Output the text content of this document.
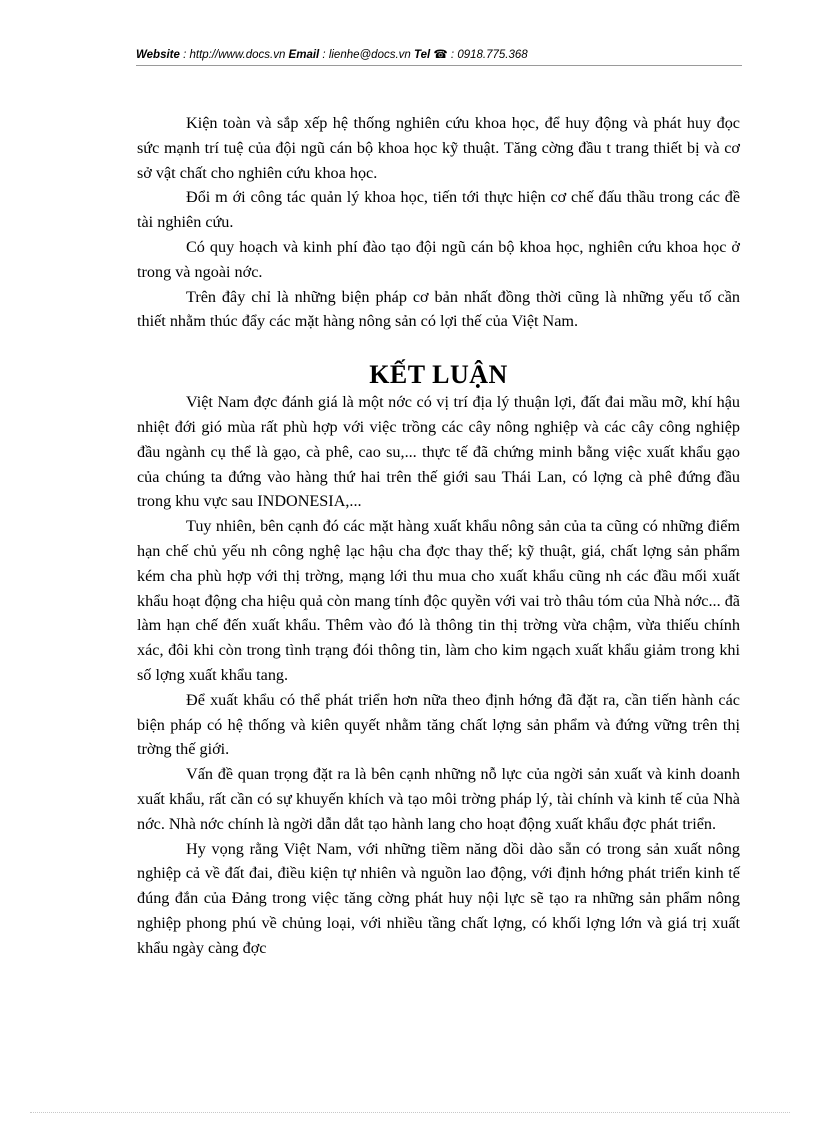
Website : http://www.docs.vn Email : lienhe@docs.vn Tel ☎ : 0918.775.368

Kiện toàn và sắp xếp hệ thống nghiên cứu khoa học, để huy động và phát huy đọc sức mạnh trí tuệ của đội ngũ cán bộ khoa học kỹ thuật. Tăng cờng đầu t trang thiết bị và cơ sở vật chất cho nghiên cứu khoa học.

Đổi m ới công tác quản lý khoa học, tiến tới thực hiện cơ chế đấu thầu trong các đề tài nghiên cứu.

Có quy hoạch và kinh phí đào tạo đội ngũ cán bộ khoa học, nghiên cứu khoa học ở trong và ngoài nớc.

Trên đây chỉ là những biện pháp cơ bản nhất đồng thời cũng là những yếu tố cần thiết nhằm thúc đẩy các mặt hàng nông sản có lợi thế của Việt Nam.

KẾT LUẬN

Việt Nam đợc đánh giá là một nớc có vị trí địa lý thuận lợi, đất đai mầu mỡ, khí hậu nhiệt đới gió mùa rất phù hợp với việc trồng các cây nông nghiệp và các cây công nghiệp đầu ngành cụ thể là gạo, cà phê, cao su,... thực tế đã chứng minh bằng việc xuất khẩu gạo của chúng ta đứng vào hàng thứ hai trên thế giới sau Thái Lan, có lợng cà phê đứng đầu trong khu vực sau INDONESIA,...

Tuy nhiên, bên cạnh đó các mặt hàng xuất khẩu nông sản của ta cũng có những điểm hạn chế chủ yếu nh công nghệ lạc hậu cha đợc thay thế; kỹ thuật, giá, chất lợng sản phẩm kém cha phù hợp với thị trờng, mạng lới thu mua cho xuất khẩu cũng nh các đầu mối xuất khẩu hoạt động cha hiệu quả còn mang tính độc quyền với vai trò thâu tóm của Nhà nớc... đã làm hạn chế đến xuất khẩu. Thêm vào đó là thông tin thị trờng vừa chậm, vừa thiếu chính xác, đôi khi còn trong tình trạng đói thông tin, làm cho kim ngạch xuất khẩu giảm trong khi số lợng xuất khẩu tang.

Để xuất khẩu có thể phát triển hơn nữa theo định hớng đã đặt ra, cần tiến hành các biện pháp có hệ thống và kiên quyết nhằm tăng chất lợng sản phẩm và đứng vững trên thị trờng thế giới.

Vấn đề quan trọng đặt ra là bên cạnh những nỗ lực của ngời sản xuất và kinh doanh xuất khẩu, rất cần có sự khuyến khích và tạo môi trờng pháp lý, tài chính và kinh tế của Nhà nớc. Nhà nớc chính là ngời dẫn dắt tạo hành lang cho hoạt động xuất khẩu đợc phát triển.

Hy vọng rằng Việt Nam, với những tiềm năng dồi dào sẵn có trong sản xuất nông nghiệp cả về đất đai, điều kiện tự nhiên và nguồn lao động, với định hớng phát triển kinh tế đúng đắn của Đảng trong việc tăng cờng phát huy nội lực sẽ tạo ra những sản phẩm nông nghiệp phong phú về chủng loại, với nhiều tầng chất lợng, có khối lợng lớn và giá trị xuất khẩu ngày càng đợc
